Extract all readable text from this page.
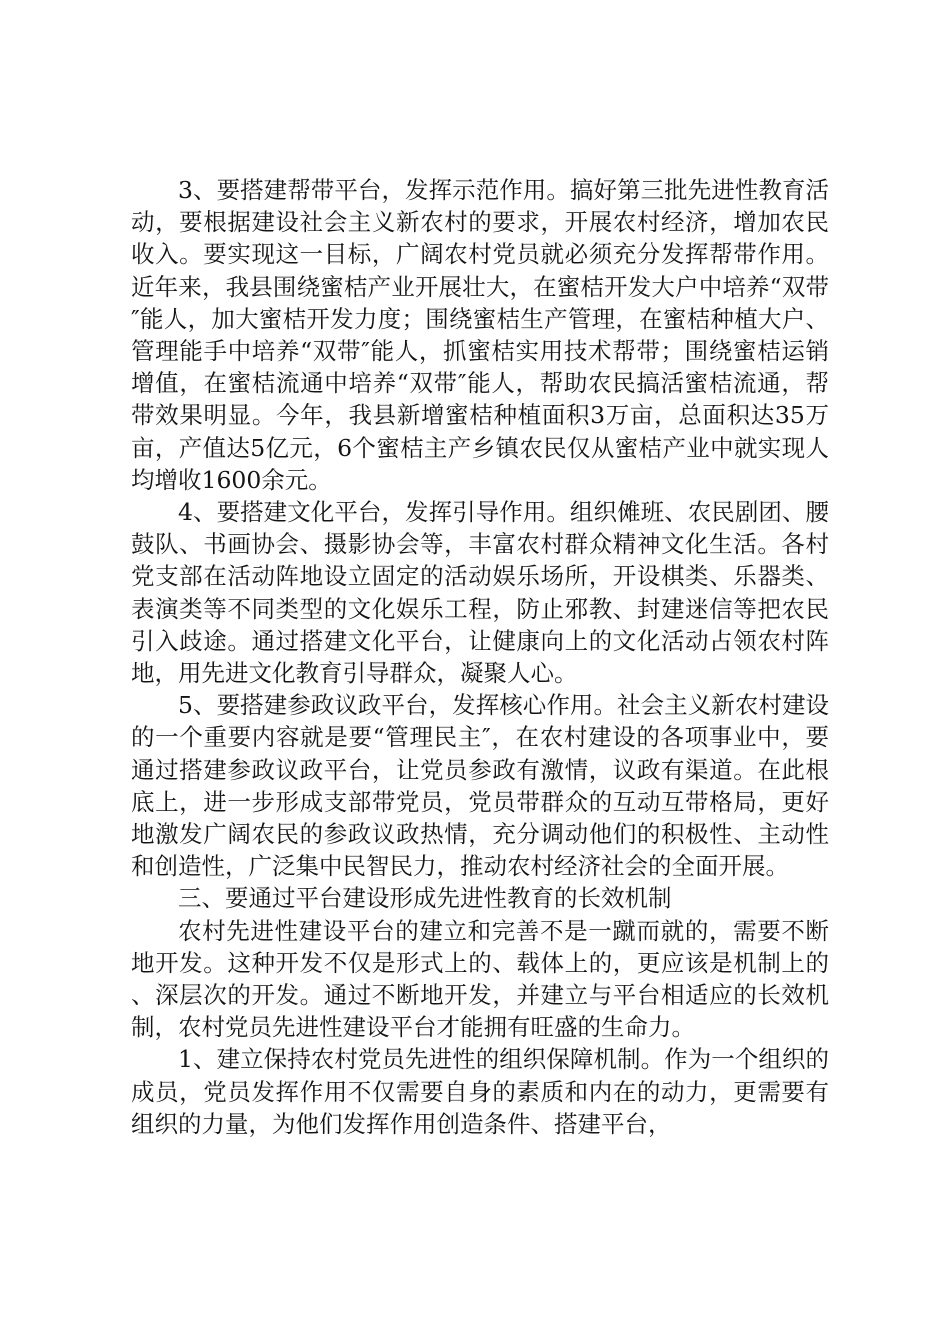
3、要搭建帮带平台，发挥示范作用。搞好第三批先进性教育活动，要根据建设社会主义新农村的要求，开展农村经济，增加农民收入。要实现这一目标，广阔农村党员就必须充分发挥帮带作用。近年来，我县围绕蜜桔产业开展壮大，在蜜桔开发大户中培养“双带″能人，加大蜜桔开发力度；围绕蜜桔生产管理，在蜜桔种植大户、管理能手中培养“双带″能人，抓蜜桔实用技术帮带；围绕蜜桔运销增值，在蜜桔流通中培养“双带″能人，帮助农民搞活蜜桔流通，帮带效果明显。今年，我县新增蜜桔种植面积3万亩，总面积达35万亩，产值达5亿元，6个蜜桔主产乡镇农民仅从蜜桔产业中就实现人均增收1600余元。

4、要搭建文化平台，发挥引导作用。组织傩班、农民剧团、腰鼓队、书画协会、摄影协会等，丰富农村群众精神文化生活。各村党支部在活动阵地设立固定的活动娱乐场所，开设棋类、乐器类、表演类等不同类型的文化娱乐工程，防止邪教、封建迷信等把农民引入歧途。通过搭建文化平台，让健康向上的文化活动占领农村阵地，用先进文化教育引导群众，凝聚人心。

5、要搭建参政议政平台，发挥核心作用。社会主义新农村建设的一个重要内容就是要“管理民主″，在农村建设的各项事业中，要通过搭建参政议政平台，让党员参政有激情，议政有渠道。在此根底上，进一步形成支部带党员，党员带群众的互动互带格局，更好地激发广阔农民的参政议政热情，充分调动他们的积极性、主动性和创造性，广泛集中民智民力，推动农村经济社会的全面开展。

三、要通过平台建设形成先进性教育的长效机制

农村先进性建设平台的建立和完善不是一蹴而就的，需要不断地开发。这种开发不仅是形式上的、载体上的，更应该是机制上的、深层次的开发。通过不断地开发，并建立与平台相适应的长效机制，农村党员先进性建设平台才能拥有旺盛的生命力。

1、建立保持农村党员先进性的组织保障机制。作为一个组织的成员，党员发挥作用不仅需要自身的素质和内在的动力，更需要有组织的力量，为他们发挥作用创造条件、搭建平台，
